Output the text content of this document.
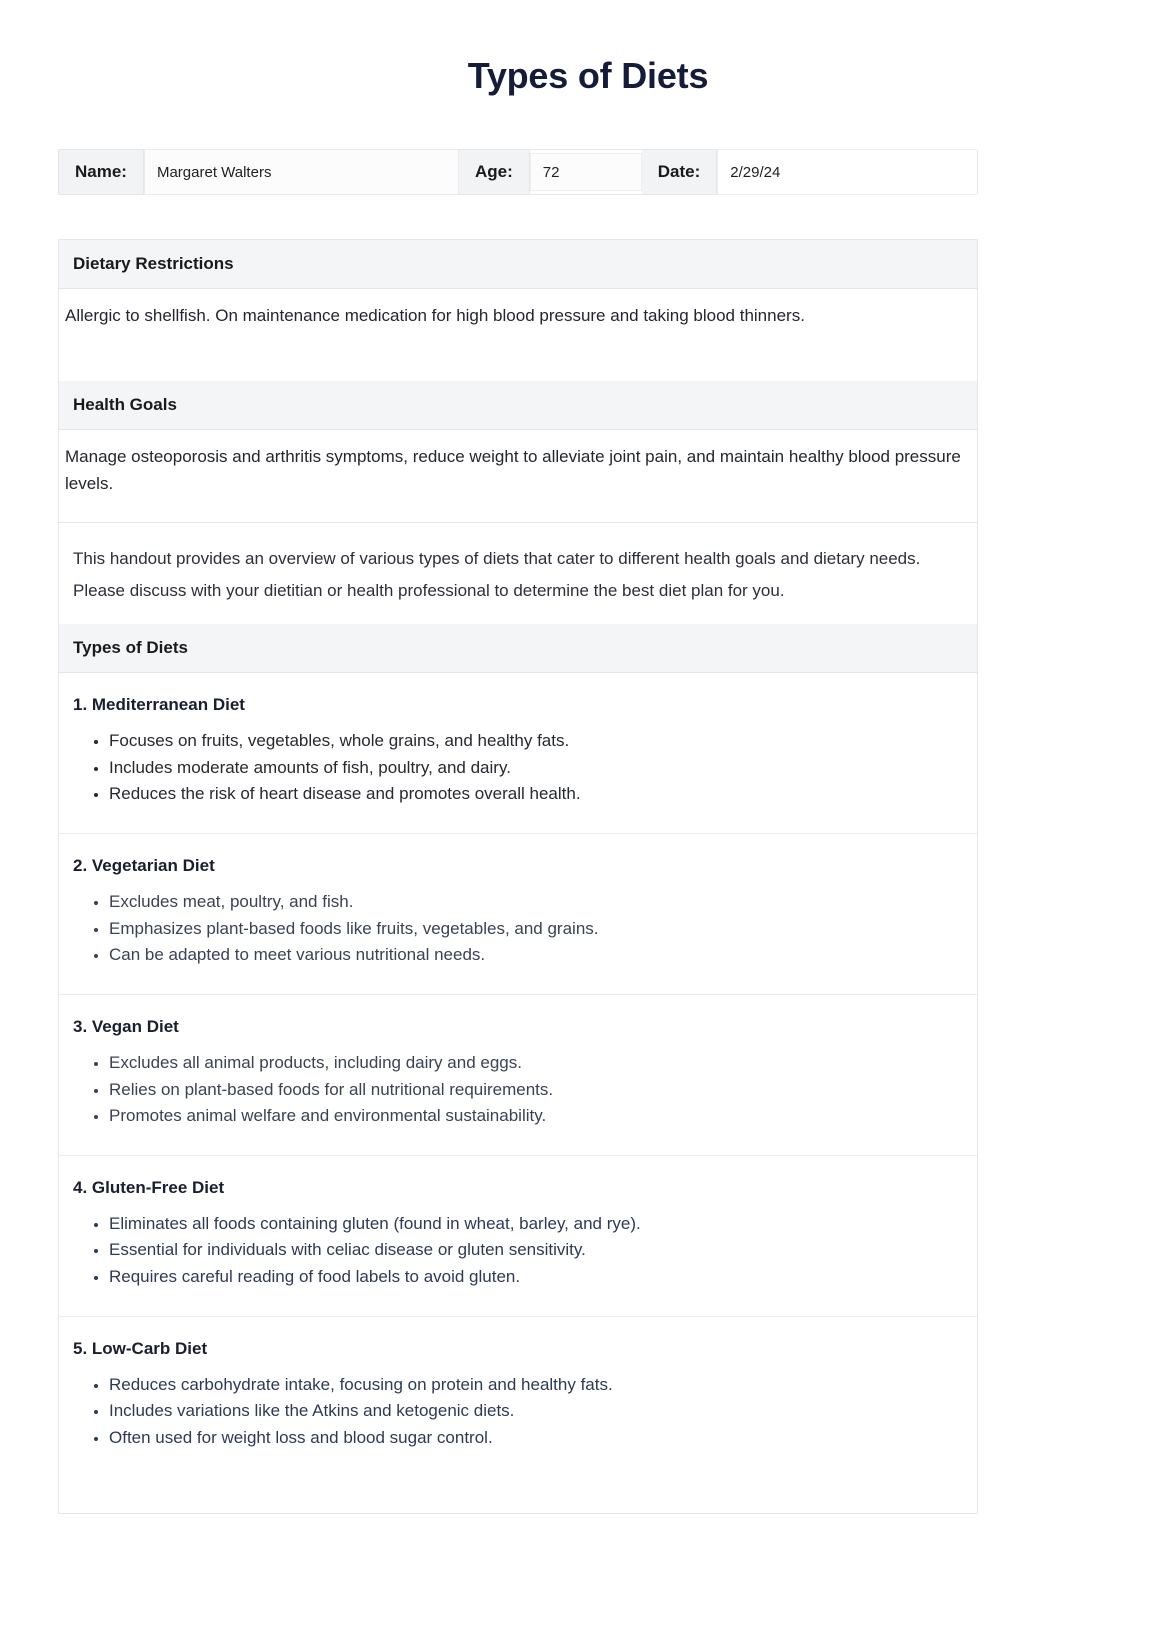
Types of Diets
Name:	Margaret Walters	Age:	72	Date:	2/29/24
Dietary Restrictions
Allergic to shellfish. On maintenance medication for high blood pressure and taking blood thinners.
Health Goals
Manage osteoporosis and arthritis symptoms, reduce weight to alleviate joint pain, and maintain healthy blood pressure levels.
This handout provides an overview of various types of diets that cater to different health goals and dietary needs. Please discuss with your dietitian or health professional to determine the best diet plan for you.
Types of Diets
1. Mediterranean Diet
• Focuses on fruits, vegetables, whole grains, and healthy fats.
• Includes moderate amounts of fish, poultry, and dairy.
• Reduces the risk of heart disease and promotes overall health.
2. Vegetarian Diet
• Excludes meat, poultry, and fish.
• Emphasizes plant-based foods like fruits, vegetables, and grains.
• Can be adapted to meet various nutritional needs.
3. Vegan Diet
• Excludes all animal products, including dairy and eggs.
• Relies on plant-based foods for all nutritional requirements.
• Promotes animal welfare and environmental sustainability.
4. Gluten-Free Diet
• Eliminates all foods containing gluten (found in wheat, barley, and rye).
• Essential for individuals with celiac disease or gluten sensitivity.
• Requires careful reading of food labels to avoid gluten.
5. Low-Carb Diet
• Reduces carbohydrate intake, focusing on protein and healthy fats.
• Includes variations like the Atkins and ketogenic diets.
• Often used for weight loss and blood sugar control.
